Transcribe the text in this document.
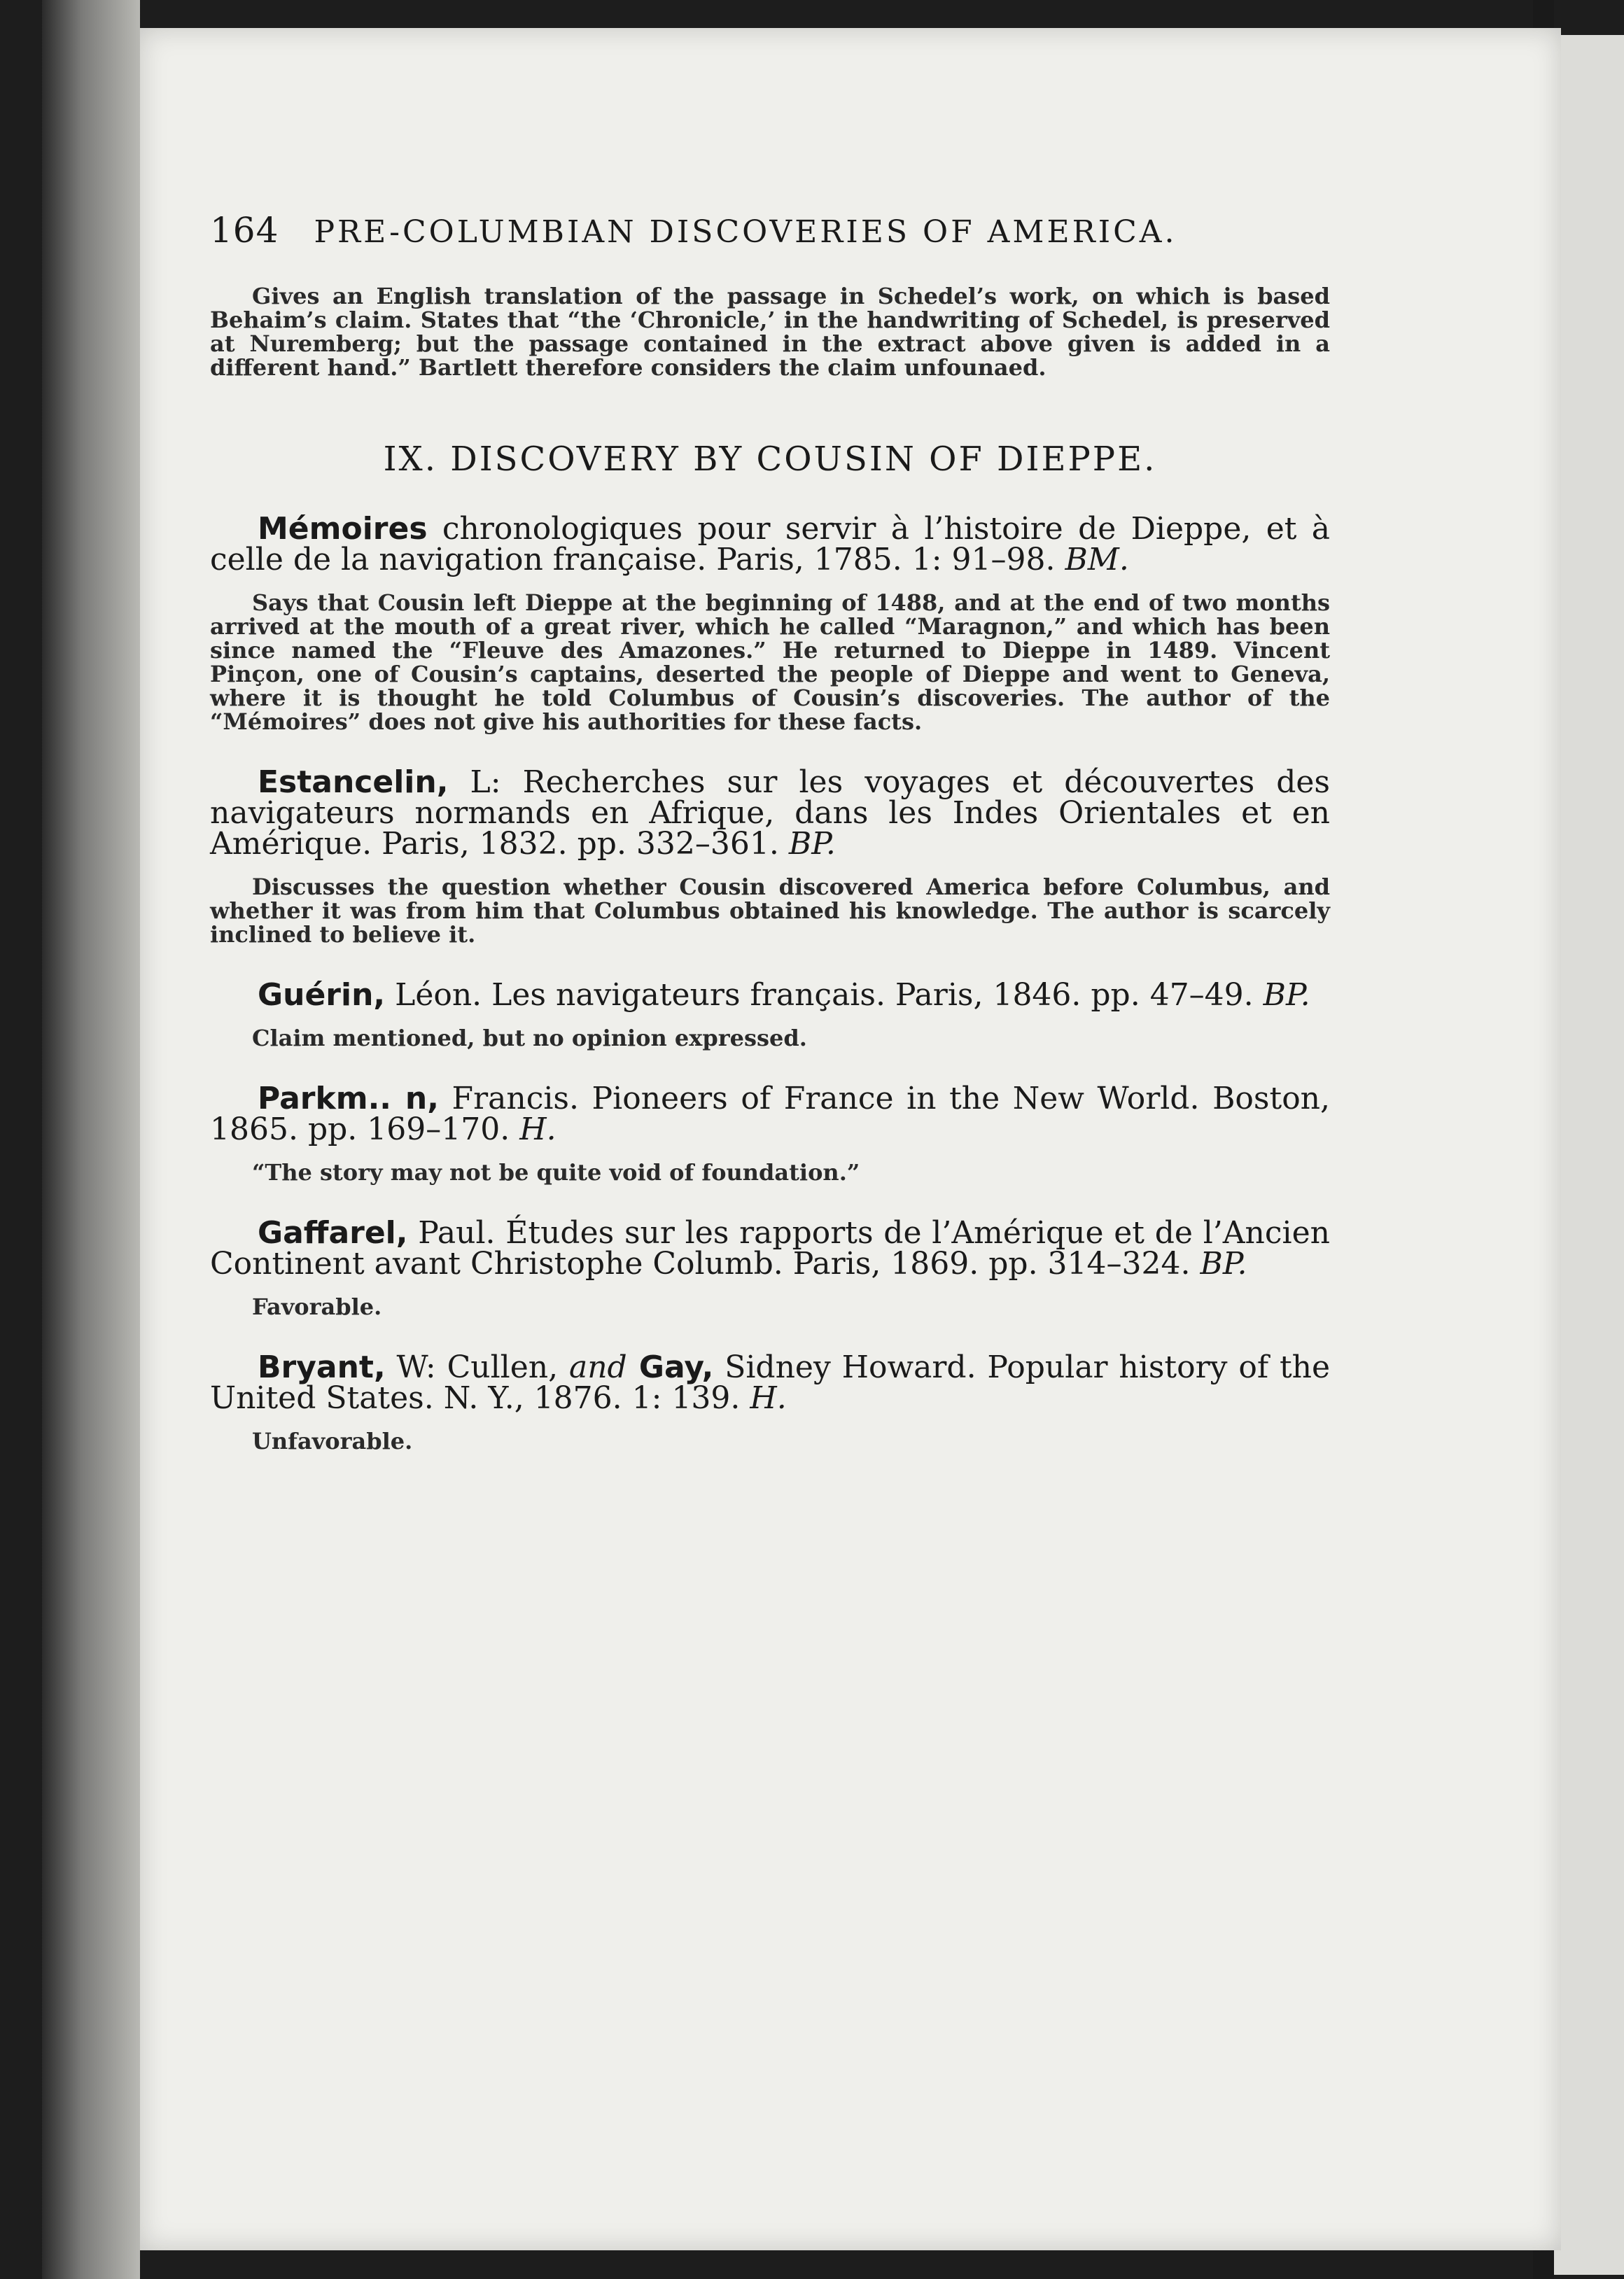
164 PRE-COLUMBIAN DISCOVERIES OF AMERICA.

Gives an English translation of the passage in Schedel’s work, on which is based Behaim’s claim. States that “the ‘Chronicle,’ in the handwriting of Schedel, is preserved at Nuremberg; but the passage contained in the extract above given is added in a different hand.” Bartlett therefore considers the claim unfounaed.

IX. DISCOVERY BY COUSIN OF DIEPPE.

Mémoires chronologiques pour servir à l’histoire de Dieppe, et à celle de la navigation française. Paris, 1785. 1: 91–98. BM.

Says that Cousin left Dieppe at the beginning of 1488, and at the end of two months arrived at the mouth of a great river, which he called “Maragnon,” and which has been since named the “Fleuve des Amazones.” He returned to Dieppe in 1489. Vincent Pinçon, one of Cousin’s captains, deserted the people of Dieppe and went to Geneva, where it is thought he told Columbus of Cousin’s discoveries. The author of the “Mémoires” does not give his authorities for these facts.

Estancelin, L: Recherches sur les voyages et découvertes des navigateurs normands en Afrique, dans les Indes Orientales et en Amérique. Paris, 1832. pp. 332–361. BP.

Discusses the question whether Cousin discovered America before Columbus, and whether it was from him that Columbus obtained his knowledge. The author is scarcely inclined to believe it.

Guérin, Léon. Les navigateurs français. Paris, 1846. pp. 47–49. BP.

Claim mentioned, but no opinion expressed.

Parkm.. n, Francis. Pioneers of France in the New World. Boston, 1865. pp. 169–170. H.

“The story may not be quite void of foundation.”

Gaffarel, Paul. Études sur les rapports de l’Amérique et de l’Ancien Continent avant Christophe Columb. Paris, 1869. pp. 314–324. BP.

Favorable.

Bryant, W: Cullen, and Gay, Sidney Howard. Popular history of the United States. N. Y., 1876. 1: 139. H.

Unfavorable.
